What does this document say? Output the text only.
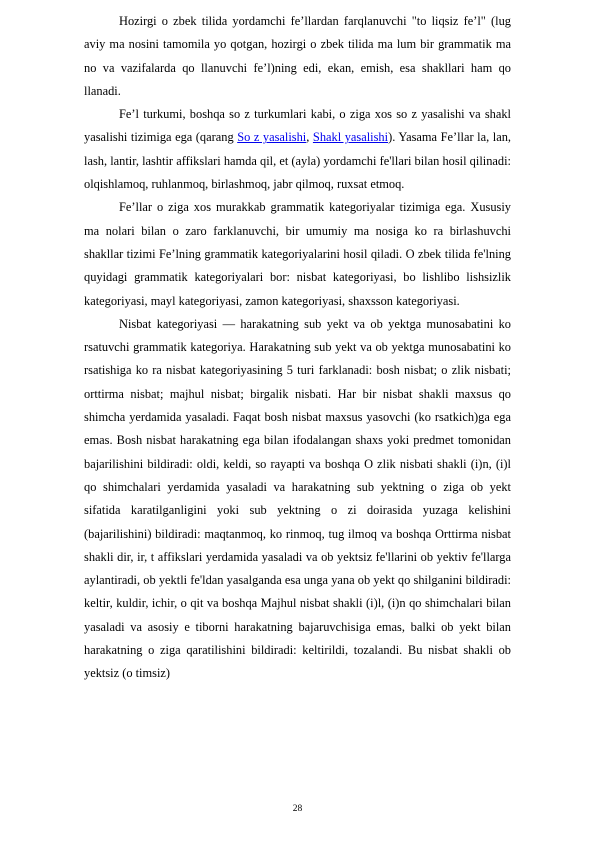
Hozirgi o zbek tilida yordamchi fe’llardan farqlanuvchi "to liqsiz fe’l" (lug aviy ma nosini tamomila yo qotgan, hozirgi o zbek tilida ma lum bir grammatik ma no va vazifalarda qo llanuvchi fe’l)ning edi, ekan, emish, esa shakllari ham qo llanadi.

Fe’l turkumi, boshqa so z turkumlari kabi, o ziga xos so z yasalishi va shakl yasalishi tizimiga ega (qarang So z yasalishi, Shakl yasalishi). Yasama Fe’llar la, lan, lash, lantir, lashtir affikslari hamda qil, et (ayla) yordamchi fe'llari bilan hosil qilinadi: olqishlamoq, ruhlanmoq, birlashmoq, jabr qilmoq, ruxsat etmoq.

Fe’llar o ziga xos murakkab grammatik kategoriyalar tizimiga ega. Xususiy ma nolari bilan o zaro farklanuvchi, bir umumiy ma nosiga ko ra birlashuvchi shakllar tizimi Fe’lning grammatik kategoriyalarini hosil qiladi. O zbek tilida fe'lning quyidagi grammatik kategoriyalari bor: nisbat kategoriyasi, bo lishlibo lishsizlik kategoriyasi, mayl kategoriyasi, zamon kategoriyasi, shaxsson kategoriyasi.

Nisbat kategoriyasi — harakatning sub yekt va ob yektga munosabatini ko rsatuvchi grammatik kategoriya. Harakatning sub yekt va ob yektga munosabatini ko rsatishiga ko ra nisbat kategoriyasining 5 turi farklanadi: bosh nisbat; o zlik nisbati; orttirma nisbat; majhul nisbat; birgalik nisbati. Har bir nisbat shakli maxsus qo shimcha yerdamida yasaladi. Faqat bosh nisbat maxsus yasovchi (ko rsatkich)ga ega emas. Bosh nisbat harakatning ega bilan ifodalangan shaxs yoki predmet tomonidan bajarilishini bildiradi: oldi, keldi, so rayapti va boshqa O zlik nisbati shakli (i)n, (i)l qo shimchalari yerdamida yasaladi va harakatning sub yektning o ziga ob yekt sifatida karatilganligini yoki sub yektning o zi doirasida yuzaga kelishini (bajarilishini) bildiradi: maqtanmoq, ko rinmoq, tug ilmoq va boshqa Orttirma nisbat shakli dir, ir, t affikslari yerdamida yasaladi va ob yektsiz fe'llarini ob yektiv fe'llarga aylantiradi, ob yektli fe'ldan yasalganda esa unga yana ob yekt qo shilganini bildiradi: keltir, kuldir, ichir, o qit va boshqa Majhul nisbat shakli (i)l, (i)n qo shimchalari bilan yasaladi va asosiy e tiborni harakatning bajaruvchisiga emas, balki ob yekt bilan harakatning o ziga qaratilishini bildiradi: keltirildi, tozalandi. Bu nisbat shakli ob yektsiz (o timsiz)

28
